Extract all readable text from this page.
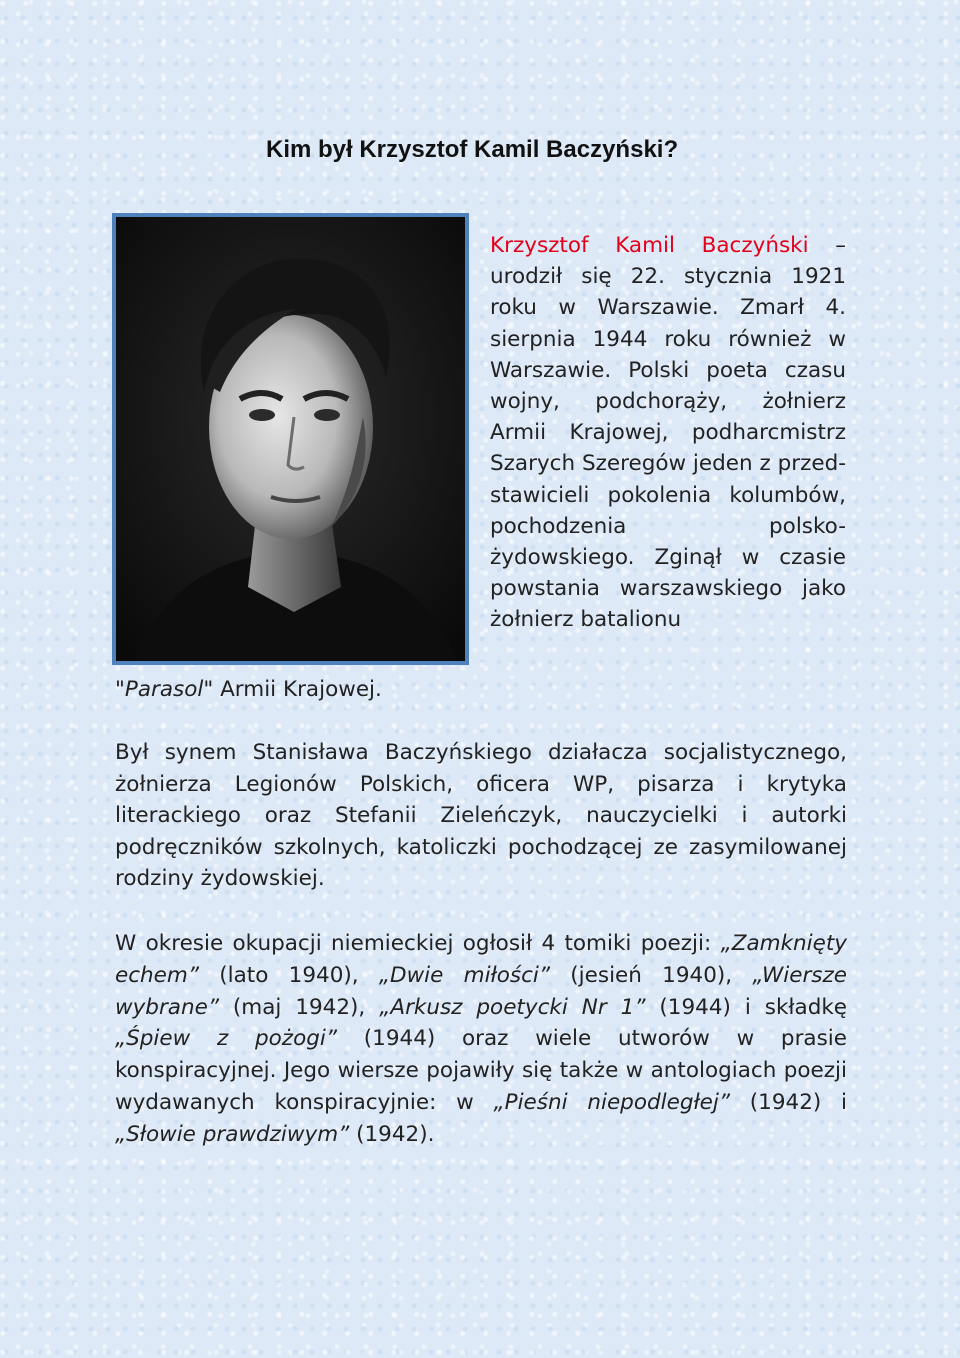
Kim był Krzysztof Kamil Baczyński?

Krzysztof Kamil Baczyński – urodził się 22. stycznia 1921 roku w Warszawie. Zmarł 4. sierpnia 1944 roku również w Warszawie. Polski poeta czasu wojny, podchorąży, żołnierz Armii Krajowej, podharcmistrz Szarych Szeregów jeden z przedstawicieli pokolenia kolumbów, pochodzenia polsko-żydowskiego. Zginął w czasie powstania warszawskiego jako żołnierz batalionu

"Parasol" Armii Krajowej.

Był synem Stanisława Baczyńskiego działacza socjalistycznego, żołnierza Legionów Polskich, oficera WP, pisarza i krytyka literackiego oraz Stefanii Zieleńczyk, nauczycielki i autorki podręczników szkolnych, katoliczki pochodzącej ze zasymilowanej rodziny żydowskiej.

W okresie okupacji niemieckiej ogłosił 4 tomiki poezji: „Zamknięty echem” (lato 1940), „Dwie miłości” (jesień 1940), „Wiersze wybrane” (maj 1942), „Arkusz poetycki Nr 1” (1944) i składkę „Śpiew z pożogi” (1944) oraz wiele utworów w prasie konspiracyjnej. Jego wiersze pojawiły się także w antologiach poezji wydawanych konspiracyjnie: w „Pieśni niepodległej” (1942) i „Słowie prawdziwym” (1942).
